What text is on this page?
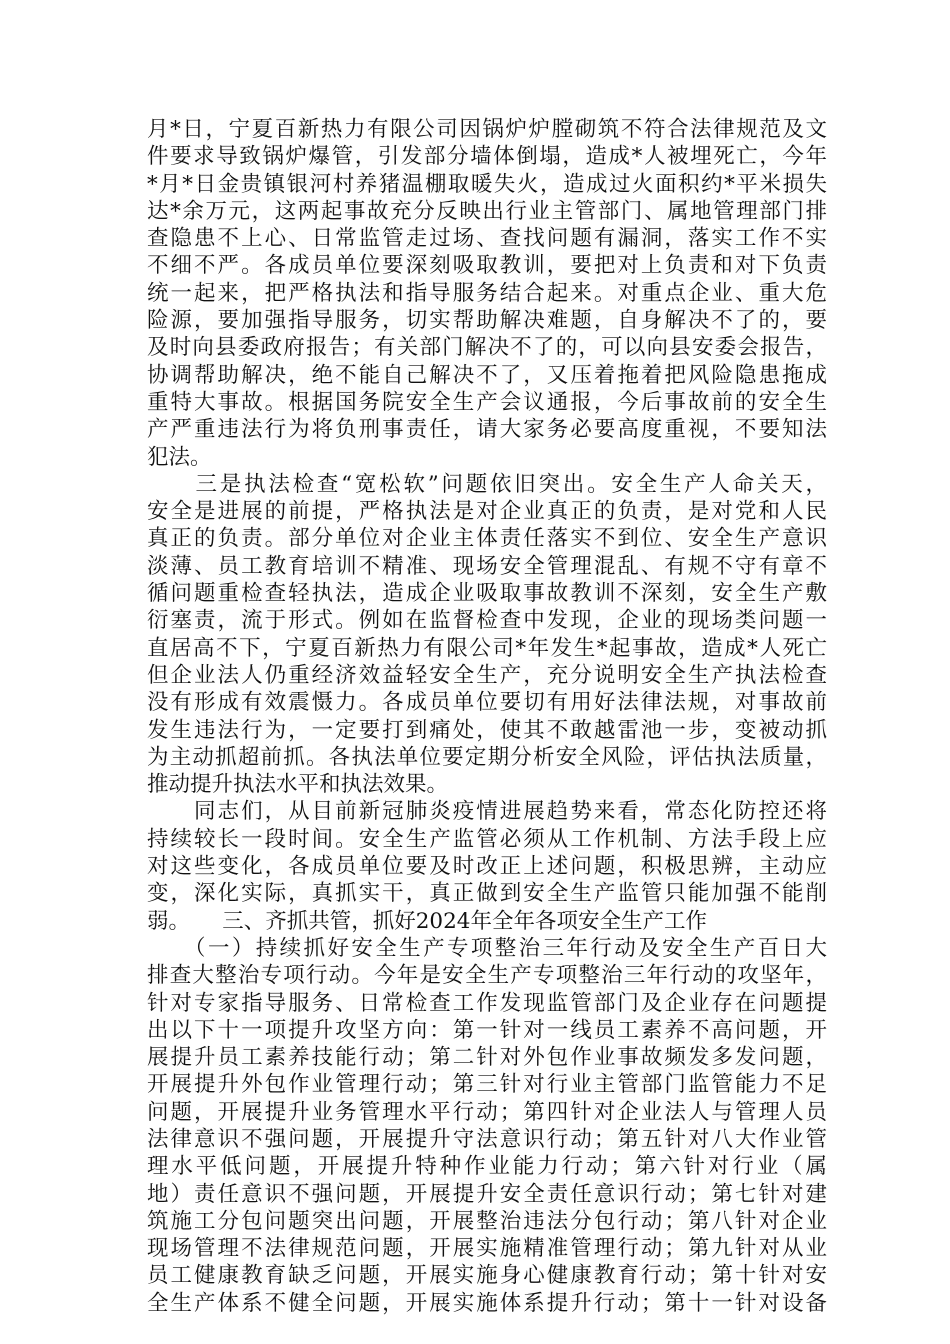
月*日，宁夏百新热力有限公司因锅炉炉膛砌筑不符合法律规范及文
件要求导致锅炉爆管，引发部分墙体倒塌，造成*人被埋死亡，今年
*月*日金贵镇银河村养猪温棚取暖失火，造成过火面积约*平米损失
达*余万元，这两起事故充分反映出行业主管部门、属地管理部门排
查隐患不上心、日常监管走过场、查找问题有漏洞，落实工作不实
不细不严。各成员单位要深刻吸取教训，要把对上负责和对下负责
统一起来，把严格执法和指导服务结合起来。对重点企业、重大危
险源，要加强指导服务，切实帮助解决难题，自身解决不了的，要
及时向县委政府报告；有关部门解决不了的，可以向县安委会报告，
协调帮助解决，绝不能自己解决不了，又压着拖着把风险隐患拖成
重特大事故。根据国务院安全生产会议通报，今后事故前的安全生
产严重违法行为将负刑事责任，请大家务必要高度重视，不要知法
犯法。
　　三是执法检查“宽松软”问题依旧突出。安全生产人命关天，
安全是进展的前提，严格执法是对企业真正的负责，是对党和人民
真正的负责。部分单位对企业主体责任落实不到位、安全生产意识
淡薄、员工教育培训不精准、现场安全管理混乱、有规不守有章不
循问题重检查轻执法，造成企业吸取事故教训不深刻，安全生产敷
衍塞责，流于形式。例如在监督检查中发现，企业的现场类问题一
直居高不下，宁夏百新热力有限公司*年发生*起事故，造成*人死亡
但企业法人仍重经济效益轻安全生产，充分说明安全生产执法检查
没有形成有效震慑力。各成员单位要切有用好法律法规，对事故前
发生违法行为，一定要打到痛处，使其不敢越雷池一步，变被动抓
为主动抓超前抓。各执法单位要定期分析安全风险，评估执法质量，
推动提升执法水平和执法效果。
　　同志们，从目前新冠肺炎疫情进展趋势来看，常态化防控还将
持续较长一段时间。安全生产监管必须从工作机制、方法手段上应
对这些变化，各成员单位要及时改正上述问题，积极思辨，主动应
变，深化实际，真抓实干，真正做到安全生产监管只能加强不能削
弱。　　三、齐抓共管，抓好2024年全年各项安全生产工作
　　（一）持续抓好安全生产专项整治三年行动及安全生产百日大
排查大整治专项行动。今年是安全生产专项整治三年行动的攻坚年，
针对专家指导服务、日常检查工作发现监管部门及企业存在问题提
出以下十一项提升攻坚方向：第一针对一线员工素养不高问题，开
展提升员工素养技能行动；第二针对外包作业事故频发多发问题，
开展提升外包作业管理行动；第三针对行业主管部门监管能力不足
问题，开展提升业务管理水平行动；第四针对企业法人与管理人员
法律意识不强问题，开展提升守法意识行动；第五针对八大作业管
理水平低问题，开展提升特种作业能力行动；第六针对行业（属
地）责任意识不强问题，开展提升安全责任意识行动；第七针对建
筑施工分包问题突出问题，开展整治违法分包行动；第八针对企业
现场管理不法律规范问题，开展实施精准管理行动；第九针对从业
员工健康教育缺乏问题，开展实施身心健康教育行动；第十针对安
全生产体系不健全问题，开展实施体系提升行动；第十一针对设备
